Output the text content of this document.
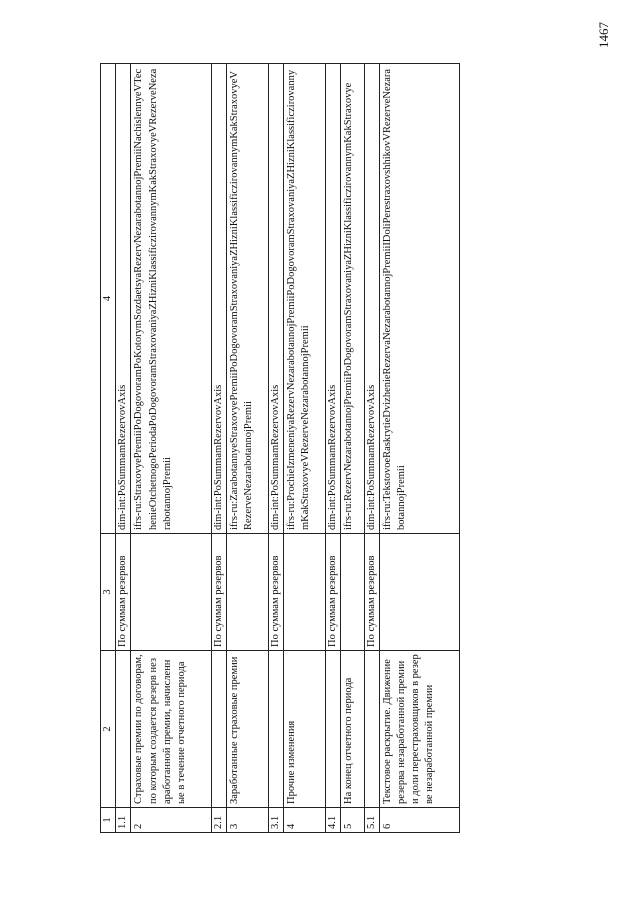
1467
1	2	3	4
1.1		По суммам резервов	dim-int:PoSummamRezervovAxis
2	Страховые премии по договорам, по которым создается резерв незаработанной премии, начисленные в течение отчетного периода		ifrs-ru:StraxovyePremiiPoDogovoramPoKotorymSozdaetsyaRezervNezarabotannojPremiiNachislennyeVTechenieOtchetnogoPeriodaPoDogovoramStraxovaniyaZHizniKlassificzirovannymKakStraxovyeVRezerveNezarabotannojPremii
2.1		По суммам резервов	dim-int:PoSummamRezervovAxis
3	Заработанные страховые премии		ifrs-ru:ZarabotannyeStraxovyePremiiPoDogovoramStraxovaniyaZHizniKlassificzirovannymKakStraxovyeVRezerveNezarabotannojPremii
3.1		По суммам резервов	dim-int:PoSummamRezervovAxis
4	Прочие изменения		ifrs-ru:ProchieIzmeneniyaRezervNezarabotannojPremiiPoDogovoramStraxovaniyaZHizniKlassificzirovannymKakStraxovyeVRezerveNezarabotannojPremii
4.1		По суммам резервов	dim-int:PoSummamRezervovAxis
5	На конец отчетного периода		ifrs-ru:RezervNezarabotannojPremiiPoDogovoramStraxovaniyaZHizniKlassificzirovannymKakStraxovye
5.1		По суммам резервов	dim-int:PoSummamRezervovAxis
6	Текстовое раскрытие. Движение резерва незаработанной премии и доли перестраховщиков в резерве незаработанной премии		ifrs-ru:TekstovoeRaskrytieDvizhenieRezervaNezarabotannojPremiiIDoliPerestraxovshhikovVRezerveNezarabotannojPremii
